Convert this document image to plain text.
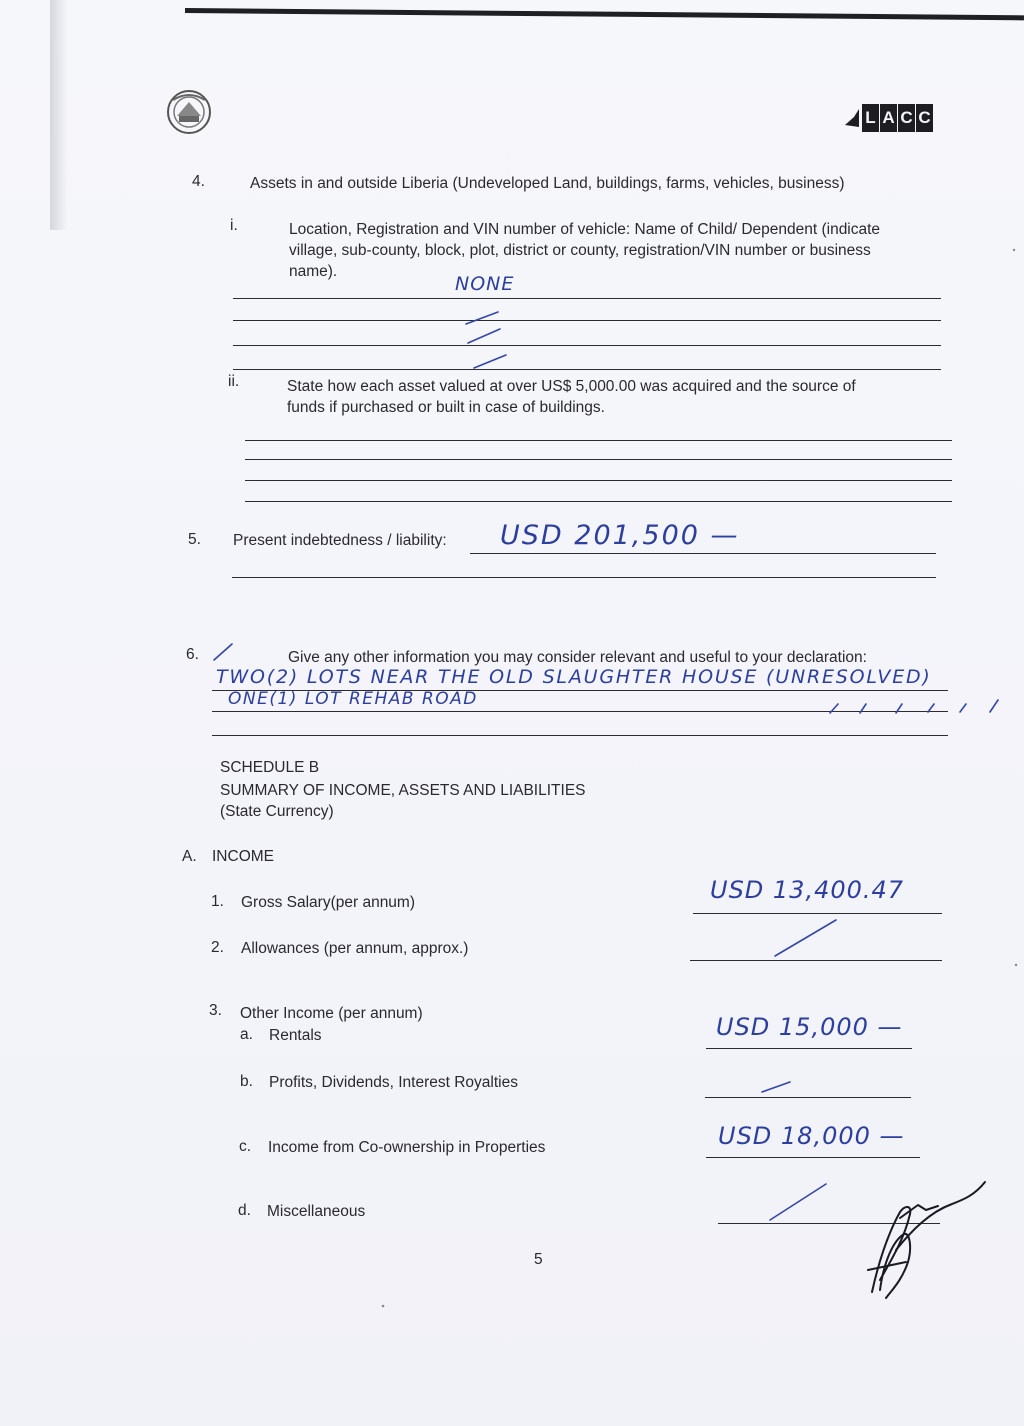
L A C C
4.	Assets in and outside Liberia (Undeveloped Land, buildings, farms, vehicles, business)
i.	Location, Registration and VIN number of vehicle: Name of Child/ Dependent (indicate
village, sub-county, block, plot, district or county, registration/VIN number or business
name).
NONE
ii.	State how each asset valued at over US$ 5,000.00 was acquired and the source of
funds if purchased or built in case of buildings.
5. Present indebtedness / liability: USD 201,500 —
6.	Give any other information you may consider relevant and useful to your declaration:
TWO(2) LOTS NEAR THE OLD SLAUGHTER HOUSE (UNRESOLVED)
ONE(1) LOT REHAB ROAD
SCHEDULE B
SUMMARY OF INCOME, ASSETS AND LIABILITIES
(State Currency)
A. INCOME
1. Gross Salary(per annum)	USD 13,400.47
2. Allowances (per annum, approx.)
3. Other Income (per annum)
a. Rentals	USD 15,000 —
b. Profits, Dividends, Interest Royalties
c. Income from Co-ownership in Properties	USD 18,000 —
d. Miscellaneous
5
